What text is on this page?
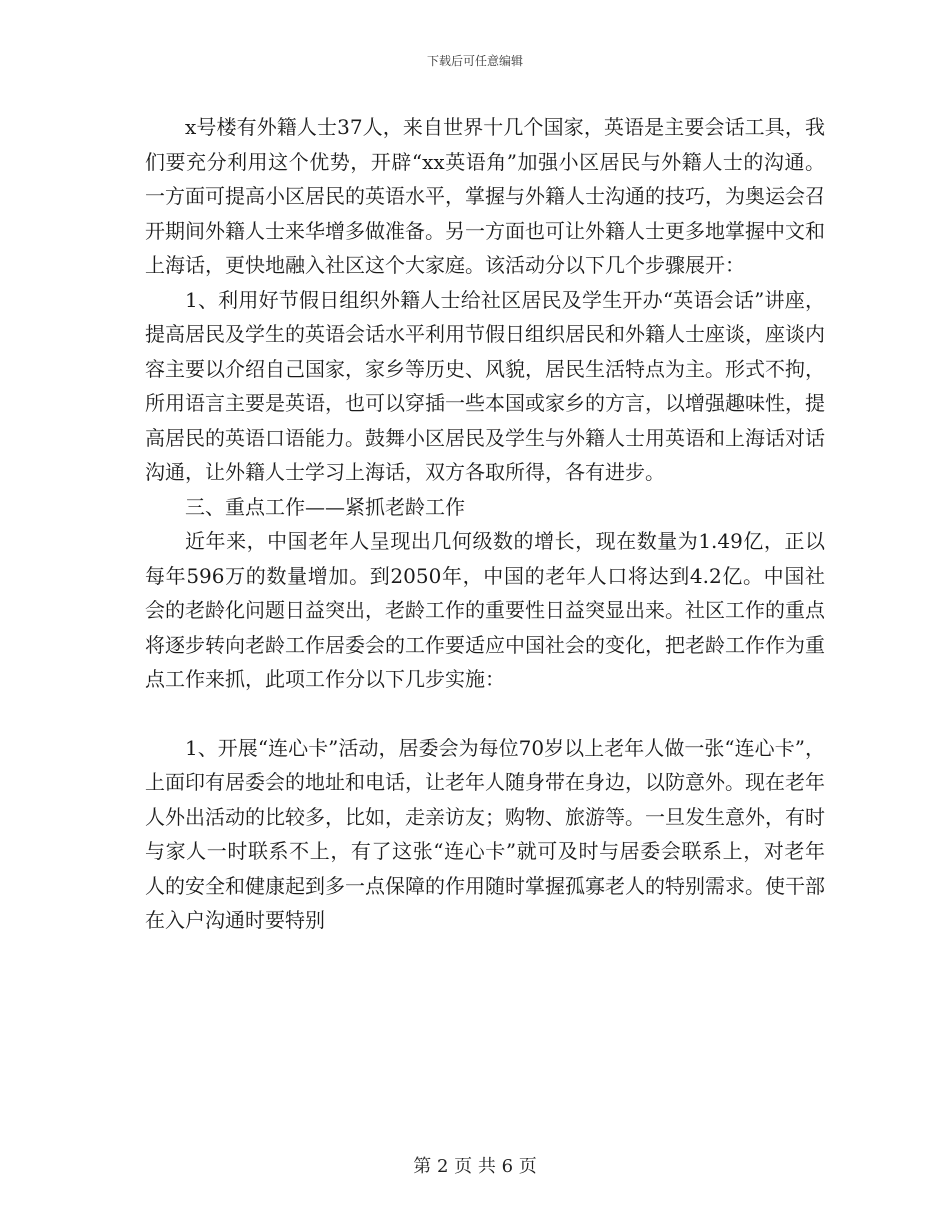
下载后可任意编辑

x号楼有外籍人士37人，来自世界十几个国家，英语是主要会话工具，我们要充分利用这个优势，开辟“xx英语角”加强小区居民与外籍人士的沟通。一方面可提高小区居民的英语水平，掌握与外籍人士沟通的技巧，为奥运会召开期间外籍人士来华增多做准备。另一方面也可让外籍人士更多地掌握中文和上海话，更快地融入社区这个大家庭。该活动分以下几个步骤展开：

1、利用好节假日组织外籍人士给社区居民及学生开办“英语会话”讲座，提高居民及学生的英语会话水平利用节假日组织居民和外籍人士座谈，座谈内容主要以介绍自己国家，家乡等历史、风貌，居民生活特点为主。形式不拘，所用语言主要是英语，也可以穿插一些本国或家乡的方言，以增强趣味性，提高居民的英语口语能力。鼓舞小区居民及学生与外籍人士用英语和上海话对话沟通，让外籍人士学习上海话，双方各取所得，各有进步。

三、重点工作——紧抓老龄工作

近年来，中国老年人呈现出几何级数的增长，现在数量为1.49亿，正以每年596万的数量增加。到2050年，中国的老年人口将达到4.2亿。中国社会的老龄化问题日益突出，老龄工作的重要性日益突显出来。社区工作的重点将逐步转向老龄工作居委会的工作要适应中国社会的变化，把老龄工作作为重点工作来抓，此项工作分以下几步实施：

1、开展“连心卡”活动，居委会为每位70岁以上老年人做一张“连心卡”，上面印有居委会的地址和电话，让老年人随身带在身边，以防意外。现在老年人外出活动的比较多，比如，走亲访友；购物、旅游等。一旦发生意外，有时与家人一时联系不上，有了这张“连心卡”就可及时与居委会联系上，对老年人的安全和健康起到多一点保障的作用随时掌握孤寡老人的特别需求。使干部在入户沟通时要特别

第 2 页 共 6 页
